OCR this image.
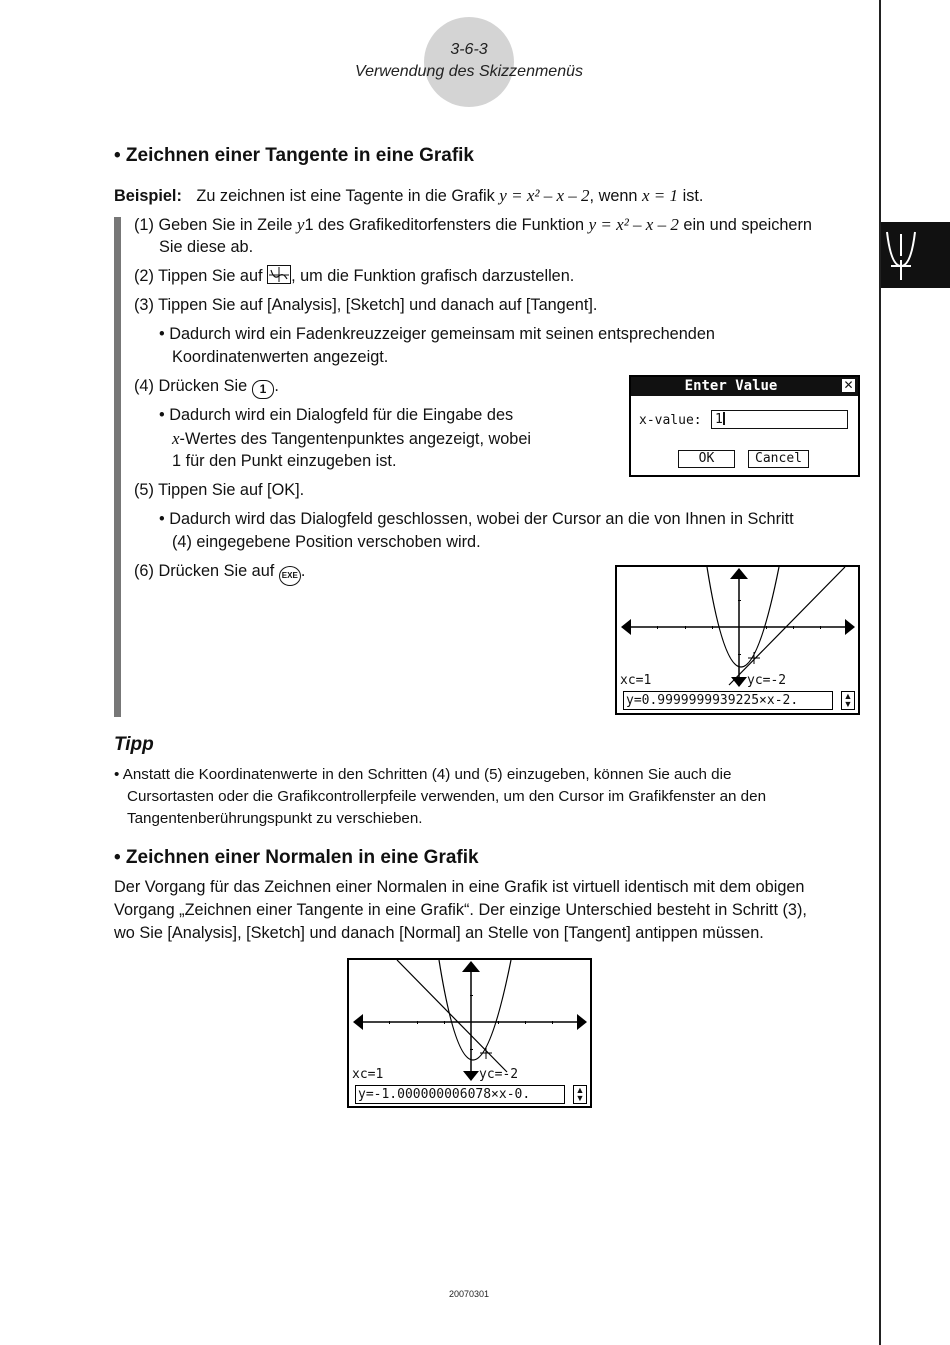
3-6-3
Verwendung des Skizzenmenüs
• Zeichnen einer Tangente in eine Grafik
Beispiel: Zu zeichnen ist eine Tagente in die Grafik y = x² – x – 2, wenn x = 1 ist.
(1) Geben Sie in Zeile y1 des Grafikeditorfensters die Funktion y = x² – x – 2 ein und speichern
Sie diese ab.
(2) Tippen Sie auf
, um die Funktion grafisch darzustellen.
(3) Tippen Sie auf [Analysis], [Sketch] und danach auf [Tangent].
• Dadurch wird ein Fadenkreuzzeiger gemeinsam mit seinen entsprechenden
Koordinatenwerten angezeigt.
(4) Drücken Sie 1 .
• Dadurch wird ein Dialogfeld für die Eingabe des
x-Wertes des Tangentenpunktes angezeigt, wobei
1 für den Punkt einzugeben ist.
Enter Value	✕
x-value:	1
OK	Cancel
(5) Tippen Sie auf [OK].
• Dadurch wird das Dialogfeld geschlossen, wobei der Cursor an die von Ihnen in Schritt
(4) eingegebene Position verschoben wird.
(6) Drücken Sie auf EXE .
xc=1	yc=-2
y=0.9999999939225×x-2.	▲
▼
Tipp
• Anstatt die Koordinatenwerte in den Schritten (4) und (5) einzugeben, können Sie auch die
Cursortasten oder die Grafikcontrollerpfeile verwenden, um den Cursor im Grafikfenster an den
Tangentenberührungspunkt zu verschieben.
• Zeichnen einer Normalen in eine Grafik
Der Vorgang für das Zeichnen einer Normalen in eine Grafik ist virtuell identisch mit dem obigen
Vorgang „Zeichnen einer Tangente in eine Grafik“. Der einzige Unterschied besteht in Schritt (3),
wo Sie [Analysis], [Sketch] und danach [Normal] an Stelle von [Tangent] antippen müssen.
xc=1	yc=-2
y=-1.000000006078×x-0.	▲
▼
20070301
